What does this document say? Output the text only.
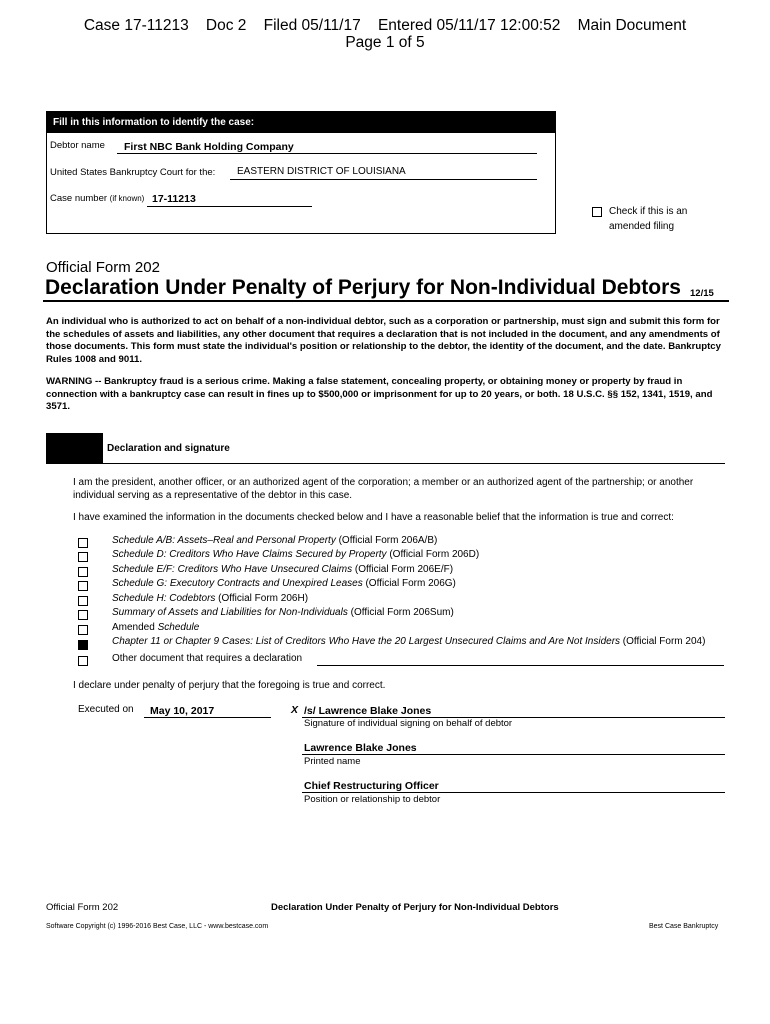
Case 17-11213    Doc 2    Filed 05/11/17    Entered 05/11/17 12:00:52    Main Document
Page 1 of 5
Fill in this information to identify the case:
Debtor name First NBC Bank Holding Company
United States Bankruptcy Court for the: EASTERN DISTRICT OF LOUISIANA
Case number (if known) 17-11213
Check if this is an
amended filing
Official Form 202
Declaration Under Penalty of Perjury for Non-Individual Debtors 12/15
An individual who is authorized to act on behalf of a non-individual debtor, such as a corporation or partnership, must sign and submit this form for the schedules of assets and liabilities, any other document that requires a declaration that is not included in the document, and any amendments of those documents. This form must state the individual's position or relationship to the debtor, the identity of the document, and the date. Bankruptcy Rules 1008 and 9011.
WARNING -- Bankruptcy fraud is a serious crime. Making a false statement, concealing property, or obtaining money or property by fraud in connection with a bankruptcy case can result in fines up to $500,000 or imprisonment for up to 20 years, or both. 18 U.S.C. §§ 152, 1341, 1519, and 3571.
Declaration and signature
I am the president, another officer, or an authorized agent of the corporation; a member or an authorized agent of the partnership; or another individual serving as a representative of the debtor in this case.
I have examined the information in the documents checked below and I have a reasonable belief that the information is true and correct:
Schedule A/B: Assets–Real and Personal Property (Official Form 206A/B)
Schedule D: Creditors Who Have Claims Secured by Property (Official Form 206D)
Schedule E/F: Creditors Who Have Unsecured Claims (Official Form 206E/F)
Schedule G: Executory Contracts and Unexpired Leases (Official Form 206G)
Schedule H: Codebtors (Official Form 206H)
Summary of Assets and Liabilities for Non-Individuals (Official Form 206Sum)
Amended Schedule
Chapter 11 or Chapter 9 Cases: List of Creditors Who Have the 20 Largest Unsecured Claims and Are Not Insiders (Official Form 204)
Other document that requires a declaration
I declare under penalty of perjury that the foregoing is true and correct.
Executed on May 10, 2017	X /s/ Lawrence Blake Jones
Signature of individual signing on behalf of debtor
Lawrence Blake Jones
Printed name
Chief Restructuring Officer
Position or relationship to debtor
Official Form 202	Declaration Under Penalty of Perjury for Non-Individual Debtors
Software Copyright (c) 1996-2016 Best Case, LLC - www.bestcase.com	Best Case Bankruptcy
